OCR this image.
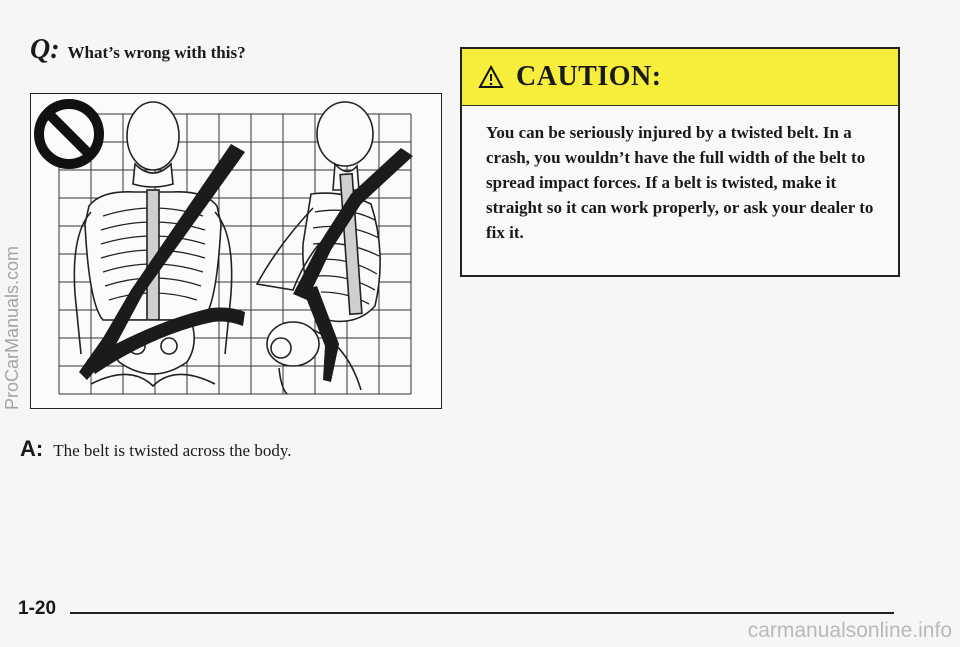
Q: What’s wrong with this?
A: The belt is twisted across the body.
CAUTION:
You can be seriously injured by a twisted belt. In a crash, you wouldn’t have the full width of the belt to spread impact forces. If a belt is twisted, make it straight so it can work properly, or ask your dealer to fix it.
ProCarManuals.com
1-20
carmanualsonline.info
